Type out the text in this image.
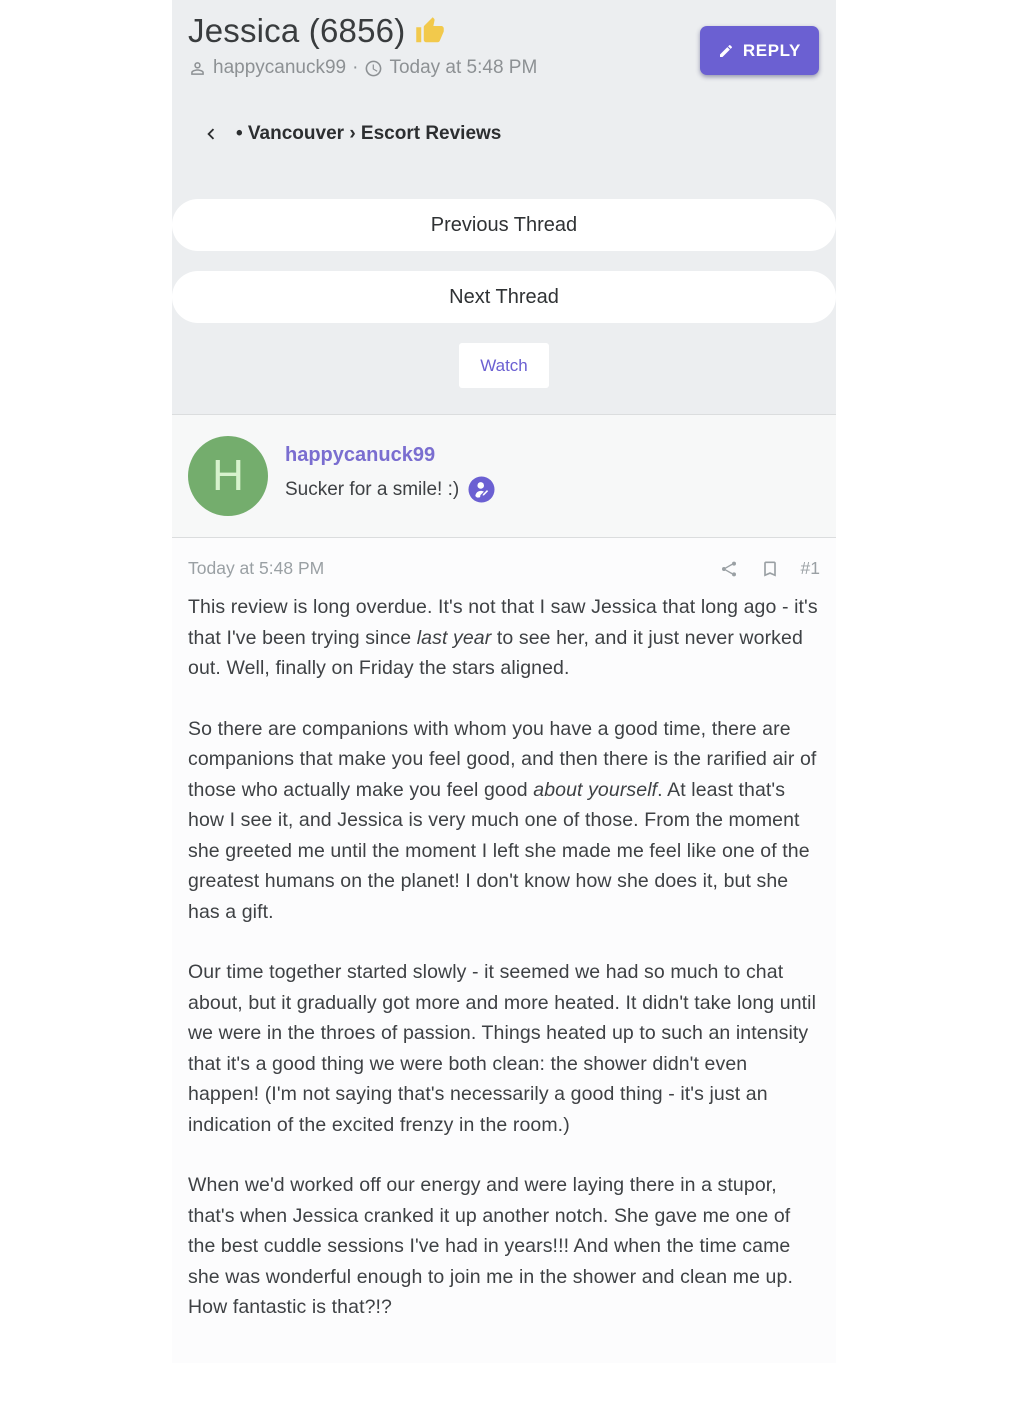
Jessica (6856)
happycanuck99 · Today at 5:48 PM
REPLY
• Vancouver › Escort Reviews
Previous Thread
Next Thread
Watch
H	happycanuck99
Sucker for a smile! :)
Today at 5:48 PM	#1

This review is long overdue. It's not that I saw Jessica that long ago - it's that I've been trying since last year to see her, and it just never worked out. Well, finally on Friday the stars aligned.

So there are companions with whom you have a good time, there are companions that make you feel good, and then there is the rarified air of those who actually make you feel good about yourself. At least that's how I see it, and Jessica is very much one of those. From the moment she greeted me until the moment I left she made me feel like one of the greatest humans on the planet! I don't know how she does it, but she has a gift.

Our time together started slowly - it seemed we had so much to chat about, but it gradually got more and more heated. It didn't take long until we were in the throes of passion. Things heated up to such an intensity that it's a good thing we were both clean: the shower didn't even happen! (I'm not saying that's necessarily a good thing - it's just an indication of the excited frenzy in the room.)

When we'd worked off our energy and were laying there in a stupor, that's when Jessica cranked it up another notch. She gave me one of the best cuddle sessions I've had in years!!! And when the time came she was wonderful enough to join me in the shower and clean me up. How fantastic is that?!?
